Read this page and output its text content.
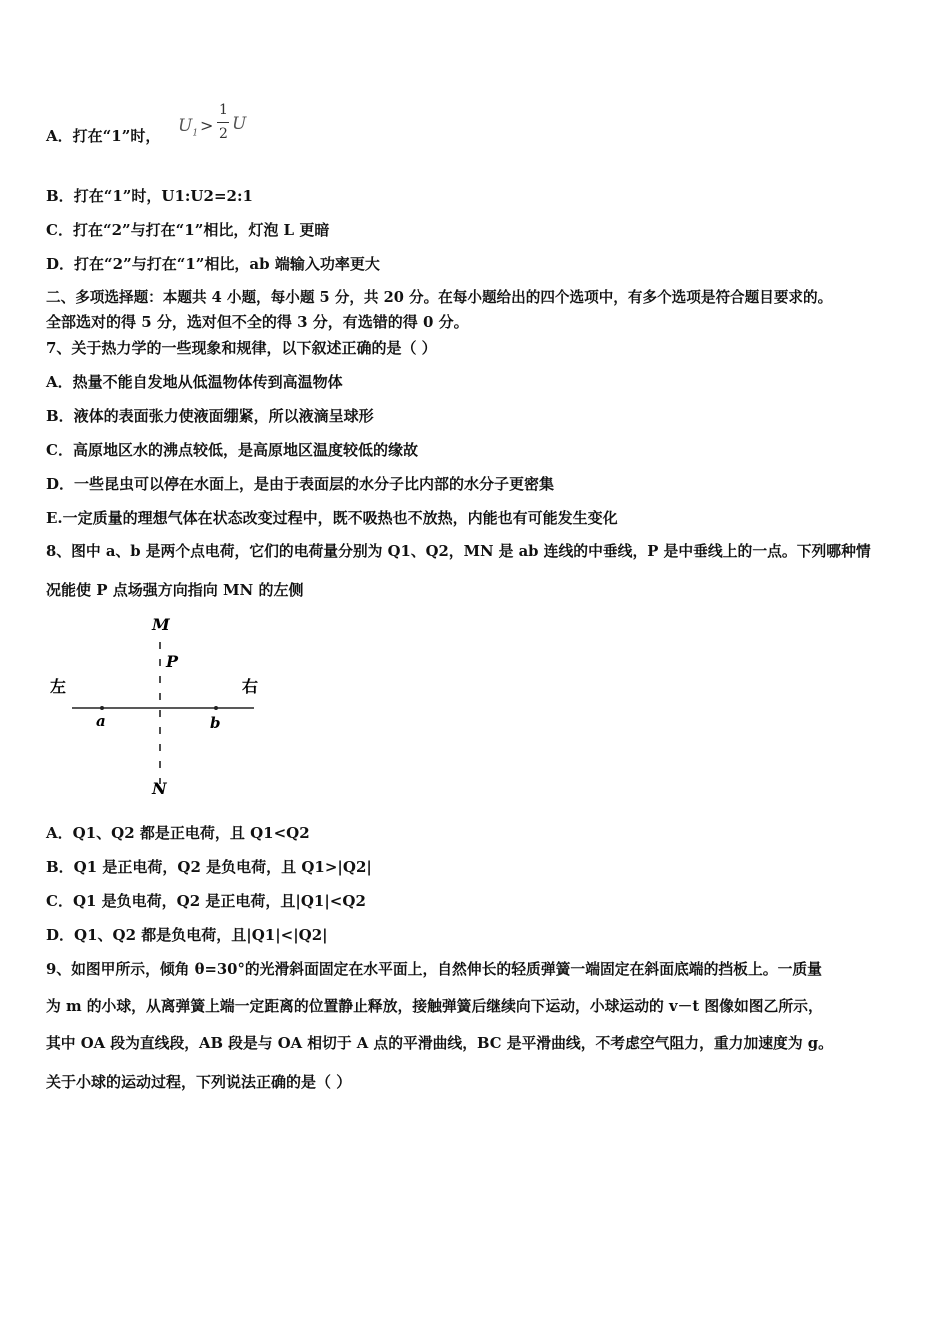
A．打在“1”时， $U_1$ >
1
2 U
B．打在“1”时，U1:U2=2:1
C．打在“2”与打在“1”相比，灯泡 L 更暗
D．打在“2”与打在“1”相比，ab 端输入功率更大
二、多项选择题：本题共 4 小题，每小题 5 分，共 20 分。在每小题给出的四个选项中，有多个选项是符合题目要求的。
全部选对的得 5 分，选对但不全的得 3 分，有选错的得 0 分。
7、关于热力学的一些现象和规律，以下叙述正确的是（ ）
A．热量不能自发地从低温物体传到高温物体
B．液体的表面张力使液面绷紧，所以液滴呈球形
C．高原地区水的沸点较低，是高原地区温度较低的缘故
D．一些昆虫可以停在水面上，是由于表面层的水分子比内部的水分子更密集
E.一定质量的理想气体在状态改变过程中，既不吸热也不放热，内能也有可能发生变化
8、图中 a、b 是两个点电荷，它们的电荷量分别为 Q1、Q2，MN 是 ab 连线的中垂线，P 是中垂线上的一点。下列哪种情
况能使 P 点场强方向指向 MN 的左侧
M
P
左	右
a	b
N
A．Q1、Q2 都是正电荷，且 Q1<Q2
B．Q1 是正电荷，Q2 是负电荷，且 Q1>|Q2|
C．Q1 是负电荷，Q2 是正电荷，且|Q1|<Q2
D．Q1、Q2 都是负电荷，且|Q1|<|Q2|
9、如图甲所示，倾角 θ=30°的光滑斜面固定在水平面上，自然伸长的轻质弹簧一端固定在斜面底端的挡板上。一质量
为 m 的小球，从离弹簧上端一定距离的位置静止释放，接触弹簧后继续向下运动，小球运动的 v－t 图像如图乙所示，
其中 OA 段为直线段，AB 段是与 OA 相切于 A 点的平滑曲线，BC 是平滑曲线，不考虑空气阻力，重力加速度为 g。
关于小球的运动过程，下列说法正确的是（ ）
